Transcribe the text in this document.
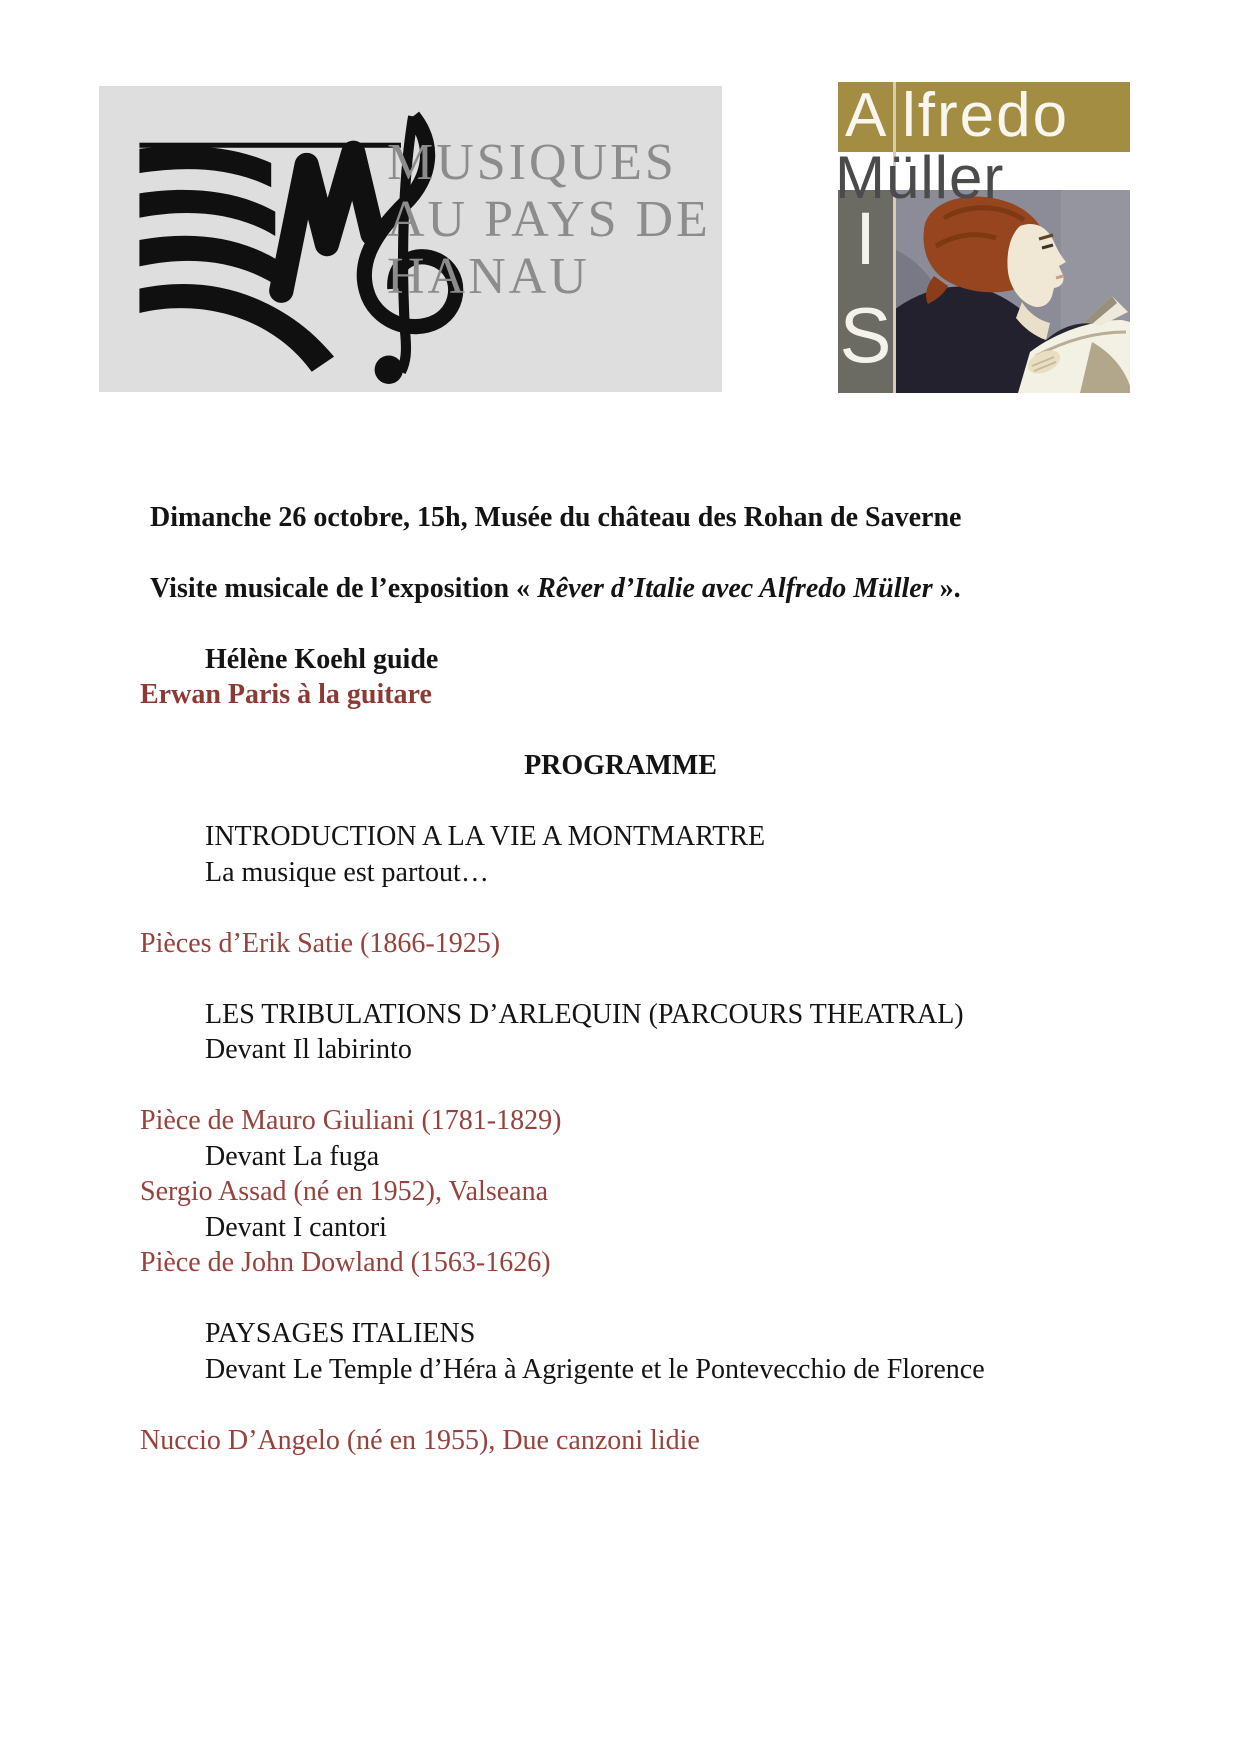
MUSIQUES
AU PAYS DE
HANAU
A lfredo
Müller
I
S
Dimanche 26 octobre, 15h, Musée du château des Rohan de Saverne
Visite musicale de l’exposition « Rêver d’Italie avec Alfredo Müller ».
Hélène Koehl guide
Erwan Paris à la guitare
PROGRAMME
INTRODUCTION A LA VIE A MONTMARTRE
La musique est partout…
Pièces d’Erik Satie (1866-1925)
LES TRIBULATIONS D’ARLEQUIN (PARCOURS THEATRAL)
Devant Il labirinto
Pièce de Mauro Giuliani (1781-1829)
Devant La fuga
Sergio Assad (né en 1952), Valseana
Devant I cantori
Pièce de John Dowland (1563-1626)
PAYSAGES ITALIENS
Devant Le Temple d’Héra à Agrigente et le Pontevecchio de Florence
Nuccio D’Angelo (né en 1955), Due canzoni lidie
